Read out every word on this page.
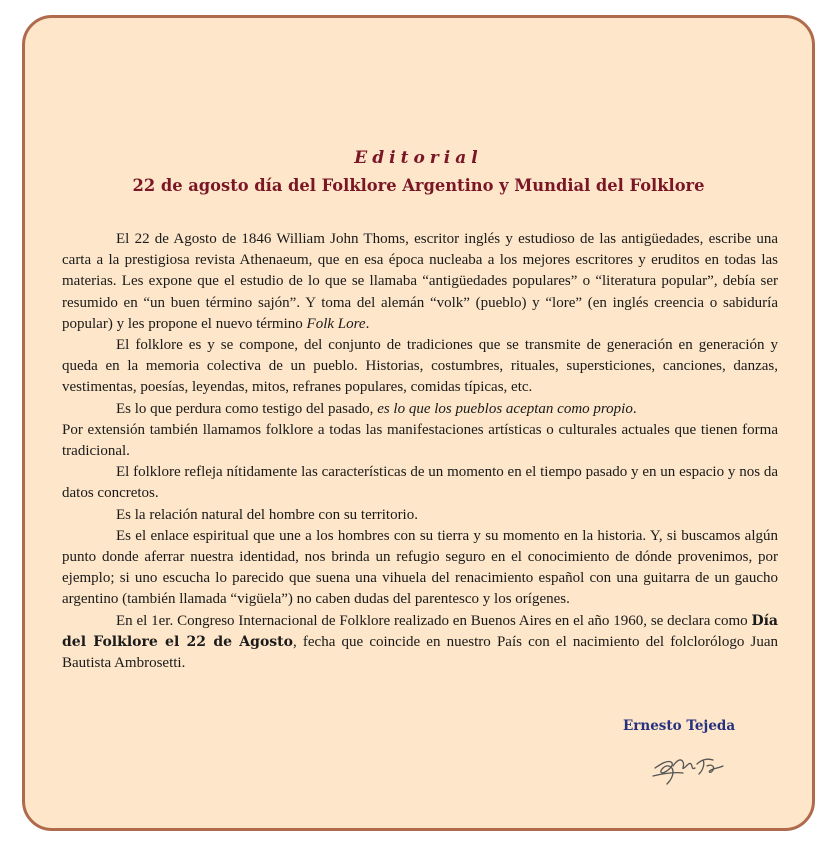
Editorial
22 de agosto día del Folklore Argentino y Mundial del Folklore

El 22 de Agosto de 1846 William John Thoms, escritor inglés y estudioso de las antigüedades, escribe una carta a la prestigiosa revista Athenaeum, que en esa época nucleaba a los mejores escritores y eruditos en todas las materias. Les expone que el estudio de lo que se llamaba “antigüedades populares” o “literatura popular”, debía ser resumido en “un buen término sajón”. Y toma del alemán “volk” (pueblo) y “lore” (en inglés creencia o sabiduría popular) y les propone el nuevo término Folk Lore.

El folklore es y se compone, del conjunto de tradiciones que se transmite de generación en generación y queda en la memoria colectiva de un pueblo. Historias, costumbres, rituales, supersticiones, canciones, danzas, vestimentas, poesías, leyendas, mitos, refranes populares, comidas típicas, etc.

Es lo que perdura como testigo del pasado, es lo que los pueblos aceptan como propio.

Por extensión también llamamos folklore a todas las manifestaciones artísticas o culturales actuales que tienen forma tradicional.

El folklore refleja nítidamente las características de un momento en el tiempo pasado y en un espacio y nos da datos concretos.

Es la relación natural del hombre con su territorio.

Es el enlace espiritual que une a los hombres con su tierra y su momento en la historia. Y, si buscamos algún punto donde aferrar nuestra identidad, nos brinda un refugio seguro en el conocimiento de dónde provenimos, por ejemplo; si uno escucha lo parecido que suena una vihuela del renacimiento español con una guitarra de un gaucho argentino (también llamada “vigüela”) no caben dudas del parentesco y los orígenes.

En el 1er. Congreso Internacional de Folklore realizado en Buenos Aires en el año 1960, se declara como Día del Folklore el 22 de Agosto, fecha que coincide en nuestro País con el nacimiento del folclorólogo Juan Bautista Ambrosetti.

Ernesto Tejeda
